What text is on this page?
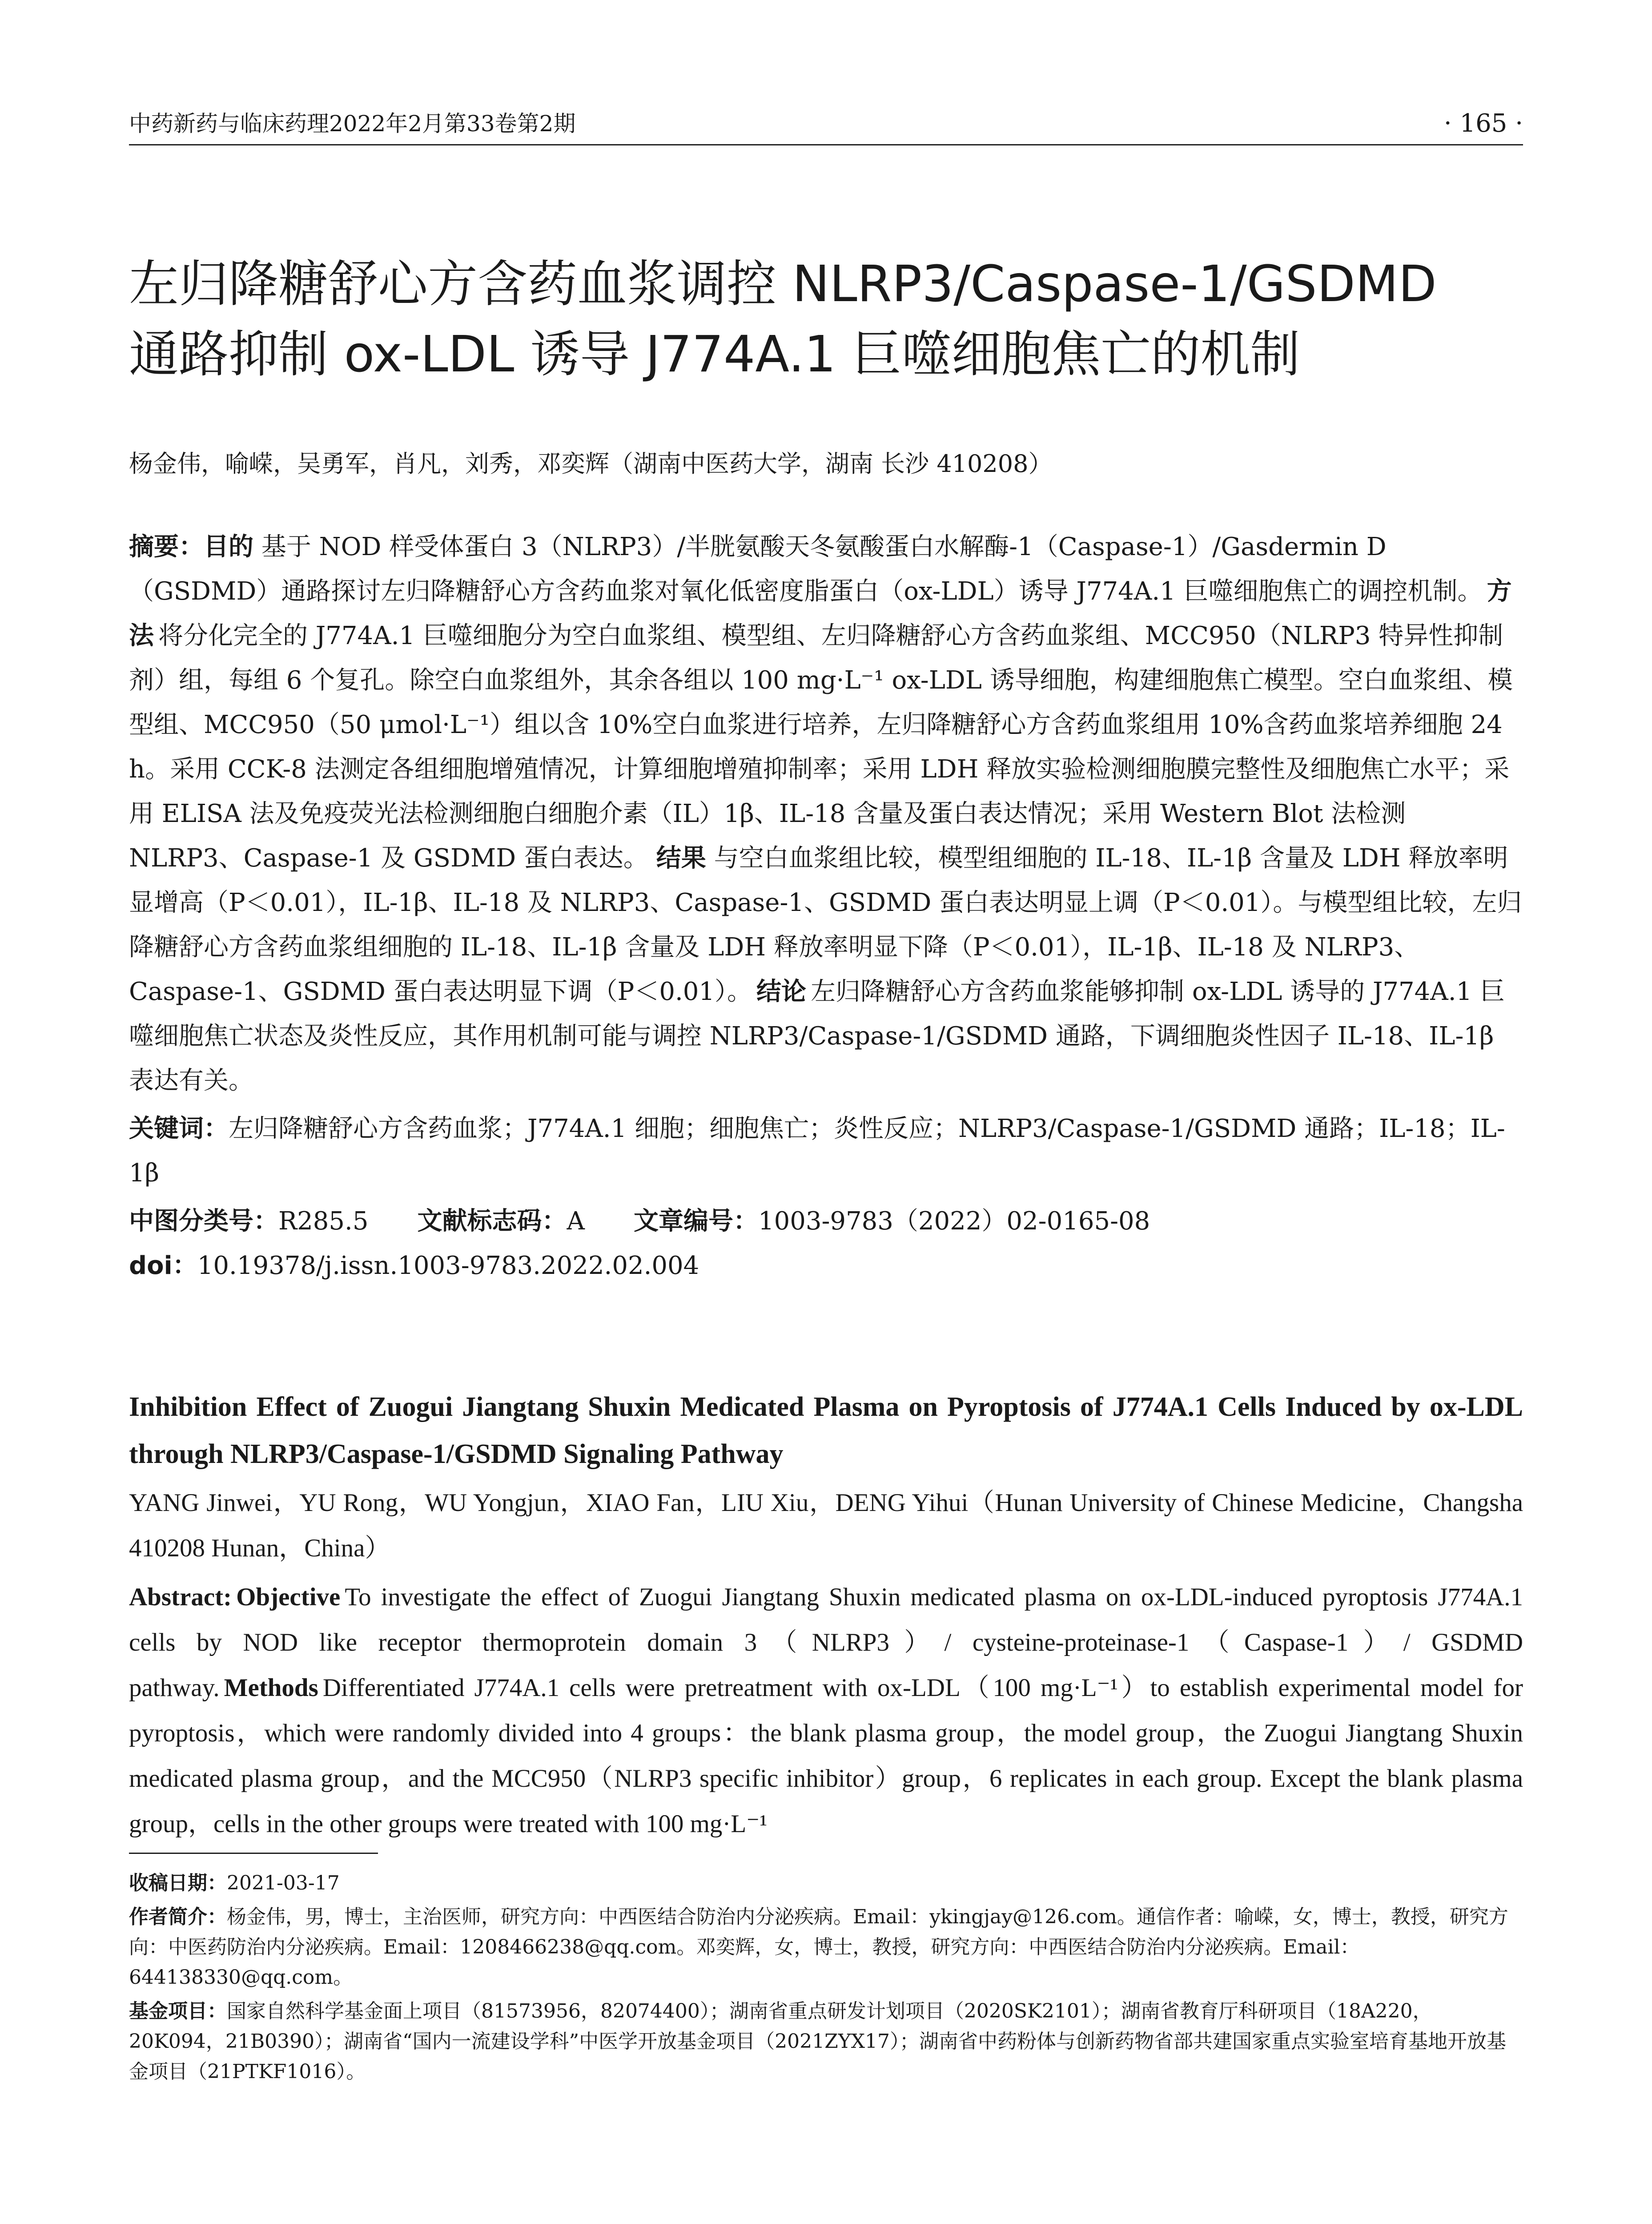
中药新药与临床药理2022年2月第33卷第2期	· 165 ·
左归降糖舒心方含药血浆调控 NLRP3/Caspase-1/GSDMD
通路抑制 ox-LDL 诱导 J774A.1 巨噬细胞焦亡的机制
杨金伟，喻嵘，吴勇军，肖凡，刘秀，邓奕辉（湖南中医药大学，湖南 长沙 410208）
摘要：目的 基于 NOD 样受体蛋白 3（NLRP3）/半胱氨酸天冬氨酸蛋白水解酶-1（Caspase-1）/Gasdermin D（GSDMD）通路探讨左归降糖舒心方含药血浆对氧化低密度脂蛋白（ox-LDL）诱导 J774A.1 巨噬细胞焦亡的调控机制。 方法 将分化完全的 J774A.1 巨噬细胞分为空白血浆组、模型组、左归降糖舒心方含药血浆组、MCC950（NLRP3 特异性抑制剂）组，每组 6 个复孔。除空白血浆组外，其余各组以 100 mg·L⁻¹ ox-LDL 诱导细胞，构建细胞焦亡模型。空白血浆组、模型组、MCC950（50 μmol·L⁻¹）组以含 10%空白血浆进行培养，左归降糖舒心方含药血浆组用 10%含药血浆培养细胞 24 h。采用 CCK-8 法测定各组细胞增殖情况，计算细胞增殖抑制率；采用 LDH 释放实验检测细胞膜完整性及细胞焦亡水平；采用 ELISA 法及免疫荧光法检测细胞白细胞介素（IL）1β、IL-18 含量及蛋白表达情况；采用 Western Blot 法检测 NLRP3、Caspase-1 及 GSDMD 蛋白表达。 结果 与空白血浆组比较，模型组细胞的 IL-18、IL-1β 含量及 LDH 释放率明显增高（P＜0.01），IL-1β、IL-18 及 NLRP3、Caspase-1、GSDMD 蛋白表达明显上调（P＜0.01）。与模型组比较，左归降糖舒心方含药血浆组细胞的 IL-18、IL-1β 含量及 LDH 释放率明显下降（P＜0.01），IL-1β、IL-18 及 NLRP3、Caspase-1、GSDMD 蛋白表达明显下调（P＜0.01）。 结论 左归降糖舒心方含药血浆能够抑制 ox-LDL 诱导的 J774A.1 巨噬细胞焦亡状态及炎性反应，其作用机制可能与调控 NLRP3/Caspase-1/GSDMD 通路，下调细胞炎性因子 IL-18、IL-1β 表达有关。
关键词：左归降糖舒心方含药血浆；J774A.1 细胞；细胞焦亡；炎性反应；NLRP3/Caspase-1/GSDMD 通路；IL-18；IL-1β
中图分类号：R285.5 文献标志码：A 文章编号：1003-9783（2022）02-0165-08
doi：10.19378/j.issn.1003-9783.2022.02.004
Inhibition Effect of Zuogui Jiangtang Shuxin Medicated Plasma on Pyroptosis of J774A.1 Cells Induced by ox-LDL through NLRP3/Caspase-1/GSDMD Signaling Pathway
YANG Jinwei，YU Rong，WU Yongjun，XIAO Fan，LIU Xiu，DENG Yihui（Hunan University of Chinese Medicine，Changsha 410208 Hunan，China）
Abstract: Objective To investigate the effect of Zuogui Jiangtang Shuxin medicated plasma on ox-LDL-induced pyroptosis J774A.1 cells by NOD like receptor thermoprotein domain 3（NLRP3）/ cysteine-proteinase-1（Caspase-1）/ GSDMD pathway. Methods Differentiated J774A.1 cells were pretreatment with ox-LDL（100 mg·L⁻¹）to establish experimental model for pyroptosis，which were randomly divided into 4 groups：the blank plasma group，the model group，the Zuogui Jiangtang Shuxin medicated plasma group，and the MCC950（NLRP3 specific inhibitor）group，6 replicates in each group. Except the blank plasma group，cells in the other groups were treated with 100 mg·L⁻¹

收稿日期：2021-03-17

作者简介：杨金伟，男，博士，主治医师，研究方向：中西医结合防治内分泌疾病。Email：ykingjay@126.com。通信作者：喻嵘，女，博士，教授，研究方向：中医药防治内分泌疾病。Email：1208466238@qq.com。邓奕辉，女，博士，教授，研究方向：中西医结合防治内分泌疾病。Email：644138330@qq.com。

基金项目：国家自然科学基金面上项目（81573956，82074400）；湖南省重点研发计划项目（2020SK2101）；湖南省教育厅科研项目（18A220，20K094，21B0390）；湖南省“国内一流建设学科”中医学开放基金项目（2021ZYX17）；湖南省中药粉体与创新药物省部共建国家重点实验室培育基地开放基金项目（21PTKF1016）。
